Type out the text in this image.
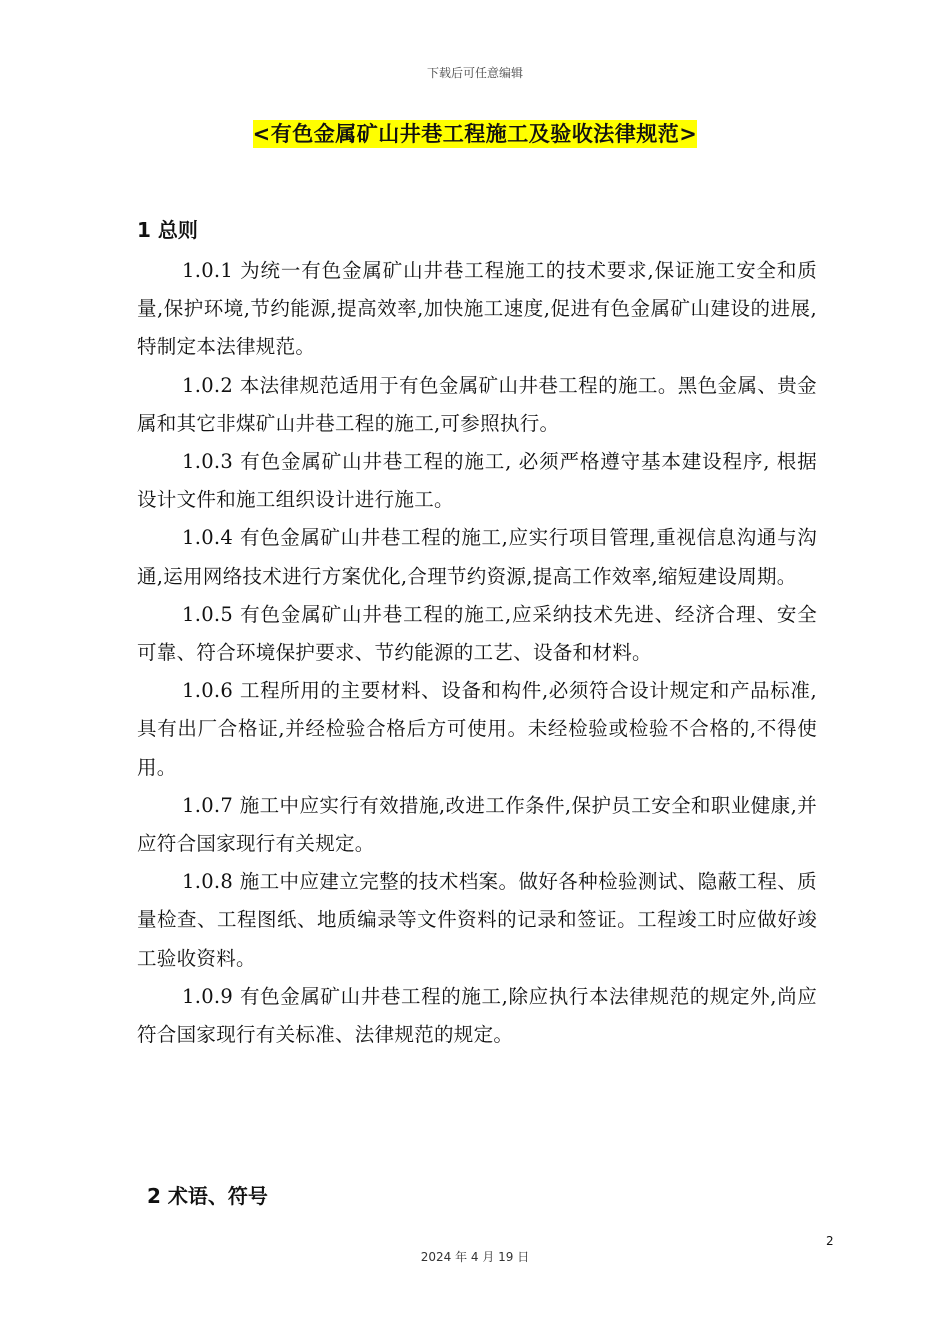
下载后可任意编辑
<有色金属矿山井巷工程施工及验收法律规范>
1 总则

1.0.1 为统一有色金属矿山井巷工程施工的技术要求,保证施工安全和质量,保护环境,节约能源,提高效率,加快施工速度,促进有色金属矿山建设的进展,特制定本法律规范。

1.0.2 本法律规范适用于有色金属矿山井巷工程的施工。黑色金属、贵金属和其它非煤矿山井巷工程的施工,可参照执行。

1.0.3 有色金属矿山井巷工程的施工, 必须严格遵守基本建设程序, 根据设计文件和施工组织设计进行施工。

1.0.4 有色金属矿山井巷工程的施工,应实行项目管理,重视信息沟通与沟通,运用网络技术进行方案优化,合理节约资源,提高工作效率,缩短建设周期。

1.0.5 有色金属矿山井巷工程的施工,应采纳技术先进、经济合理、安全可靠、符合环境保护要求、节约能源的工艺、设备和材料。

1.0.6 工程所用的主要材料、设备和构件,必须符合设计规定和产品标准,具有出厂合格证,并经检验合格后方可使用。未经检验或检验不合格的,不得使用。

1.0.7 施工中应实行有效措施,改进工作条件,保护员工安全和职业健康,并应符合国家现行有关规定。

1.0.8 施工中应建立完整的技术档案。做好各种检验测试、隐蔽工程、质量检查、工程图纸、地质编录等文件资料的记录和签证。工程竣工时应做好竣工验收资料。

1.0.9 有色金属矿山井巷工程的施工,除应执行本法律规范的规定外,尚应符合国家现行有关标准、法律规范的规定。

2 术语、符号
2
2024 年 4 月 19 日
